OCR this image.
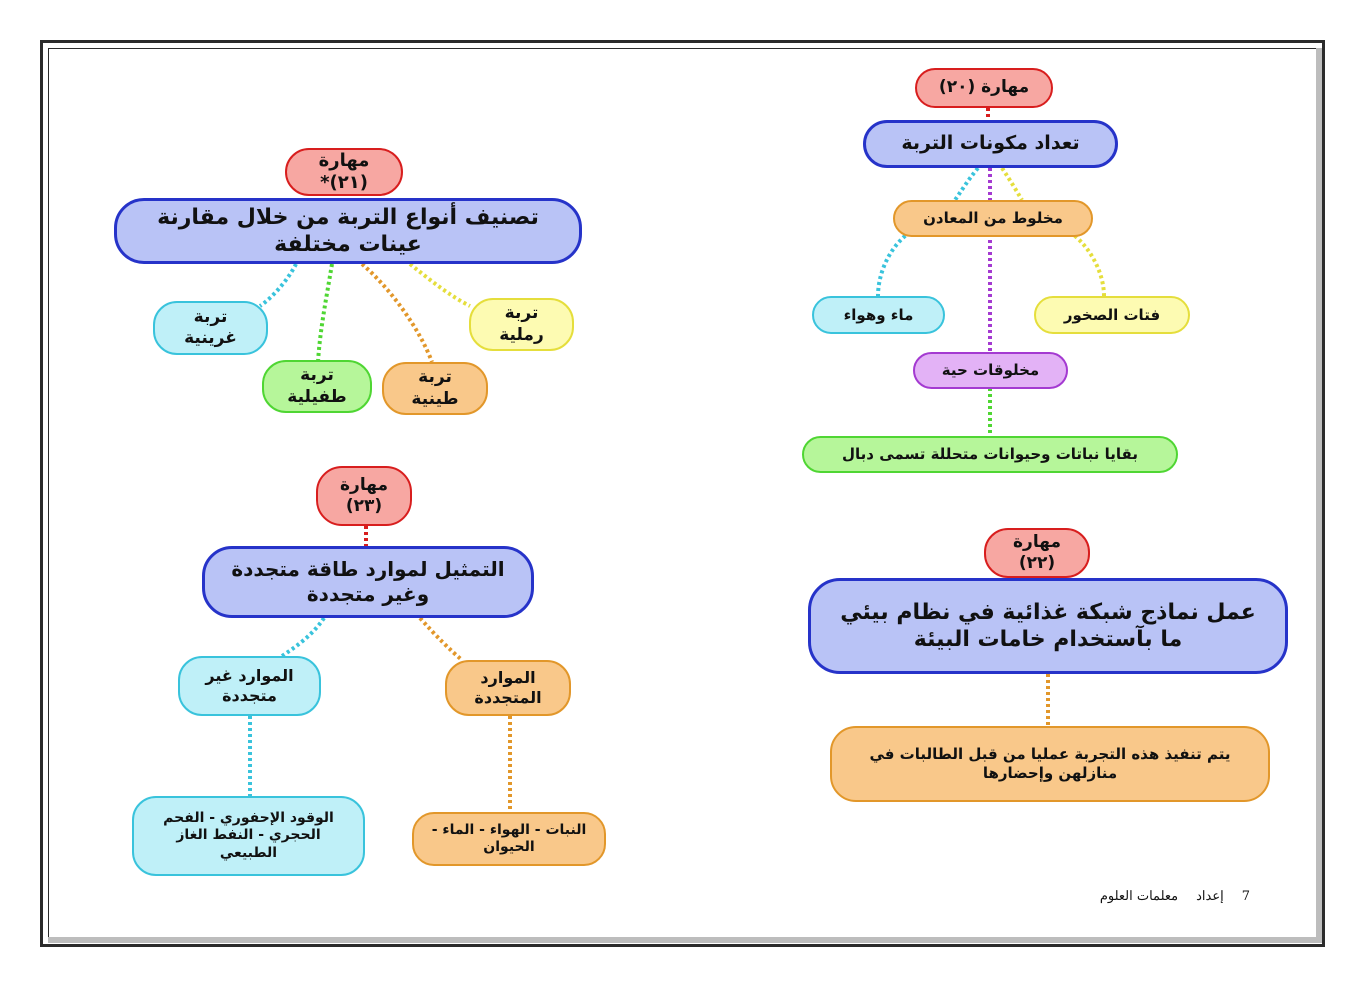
مهارة (٢٠)
تعداد مكونات التربة
مخلوط من المعادن
ماء وهواء	فتات الصخور
مخلوقات حية
بقايا نباتات وحيوانات متحللة تسمى دبال
مهارة (٢١)*
تصنيف أنواع التربة من خلال مقارنة عينات مختلفة
تربة غرينية
تربة رملية
تربة طفيلية
تربة طينية
مهارة (٢٣)
التمثيل لموارد طاقة متجددة وغير متجددة
الموارد غير متجددة
الموارد المتجددة
الوقود الإحفوري - الفحم الحجري - النفط الغاز الطبيعي
النبات - الهواء - الماء - الحيوان
مهارة (٢٢)
عمل نماذج شبكة غذائية في نظام بيئي ما بآستخدام خامات البيئة
يتم تنفيذ هذه التجربة عمليا من قبل الطالبات في منازلهن وإحضارها
7
إعداد
معلمات العلوم
